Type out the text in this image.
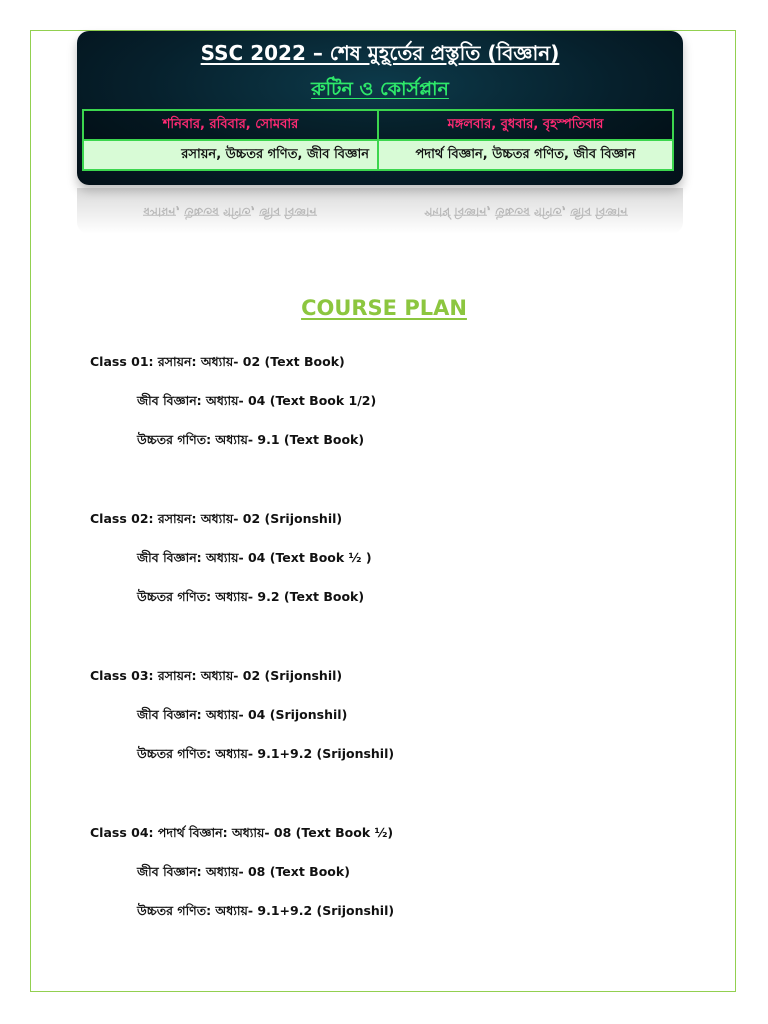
SSC 2022 – শেষ মুহূর্তের প্রস্তুতি (বিজ্ঞান)
রুটিন ও কোর্সপ্লান
শনিবার, রবিবার, সোমবার	মঙ্গলবার, বুধবার, বৃহস্পতিবার
রসায়ন, উচ্চতর গণিত, জীব বিজ্ঞান	পদার্থ বিজ্ঞান, উচ্চতর গণিত, জীব বিজ্ঞান
রসায়ন, উচ্চতর গণিত, জীব বিজ্ঞান	পদার্থ বিজ্ঞান, উচ্চতর গণিত, জীব বিজ্ঞান
COURSE PLAN
Class 01: রসায়ন: অধ্যায়- 02 (Text Book)
জীব বিজ্ঞান: অধ্যায়- 04 (Text Book 1/2)
উচ্চতর গণিত: অধ্যায়- 9.1 (Text Book)
Class 02: রসায়ন: অধ্যায়- 02 (Srijonshil)
জীব বিজ্ঞান: অধ্যায়- 04 (Text Book ½ )
উচ্চতর গণিত: অধ্যায়- 9.2 (Text Book)
Class 03: রসায়ন: অধ্যায়- 02 (Srijonshil)
জীব বিজ্ঞান: অধ্যায়- 04 (Srijonshil)
উচ্চতর গণিত: অধ্যায়- 9.1+9.2 (Srijonshil)
Class 04: পদার্থ বিজ্ঞান: অধ্যায়- 08 (Text Book ½)
জীব বিজ্ঞান: অধ্যায়- 08 (Text Book)
উচ্চতর গণিত: অধ্যায়- 9.1+9.2 (Srijonshil)
